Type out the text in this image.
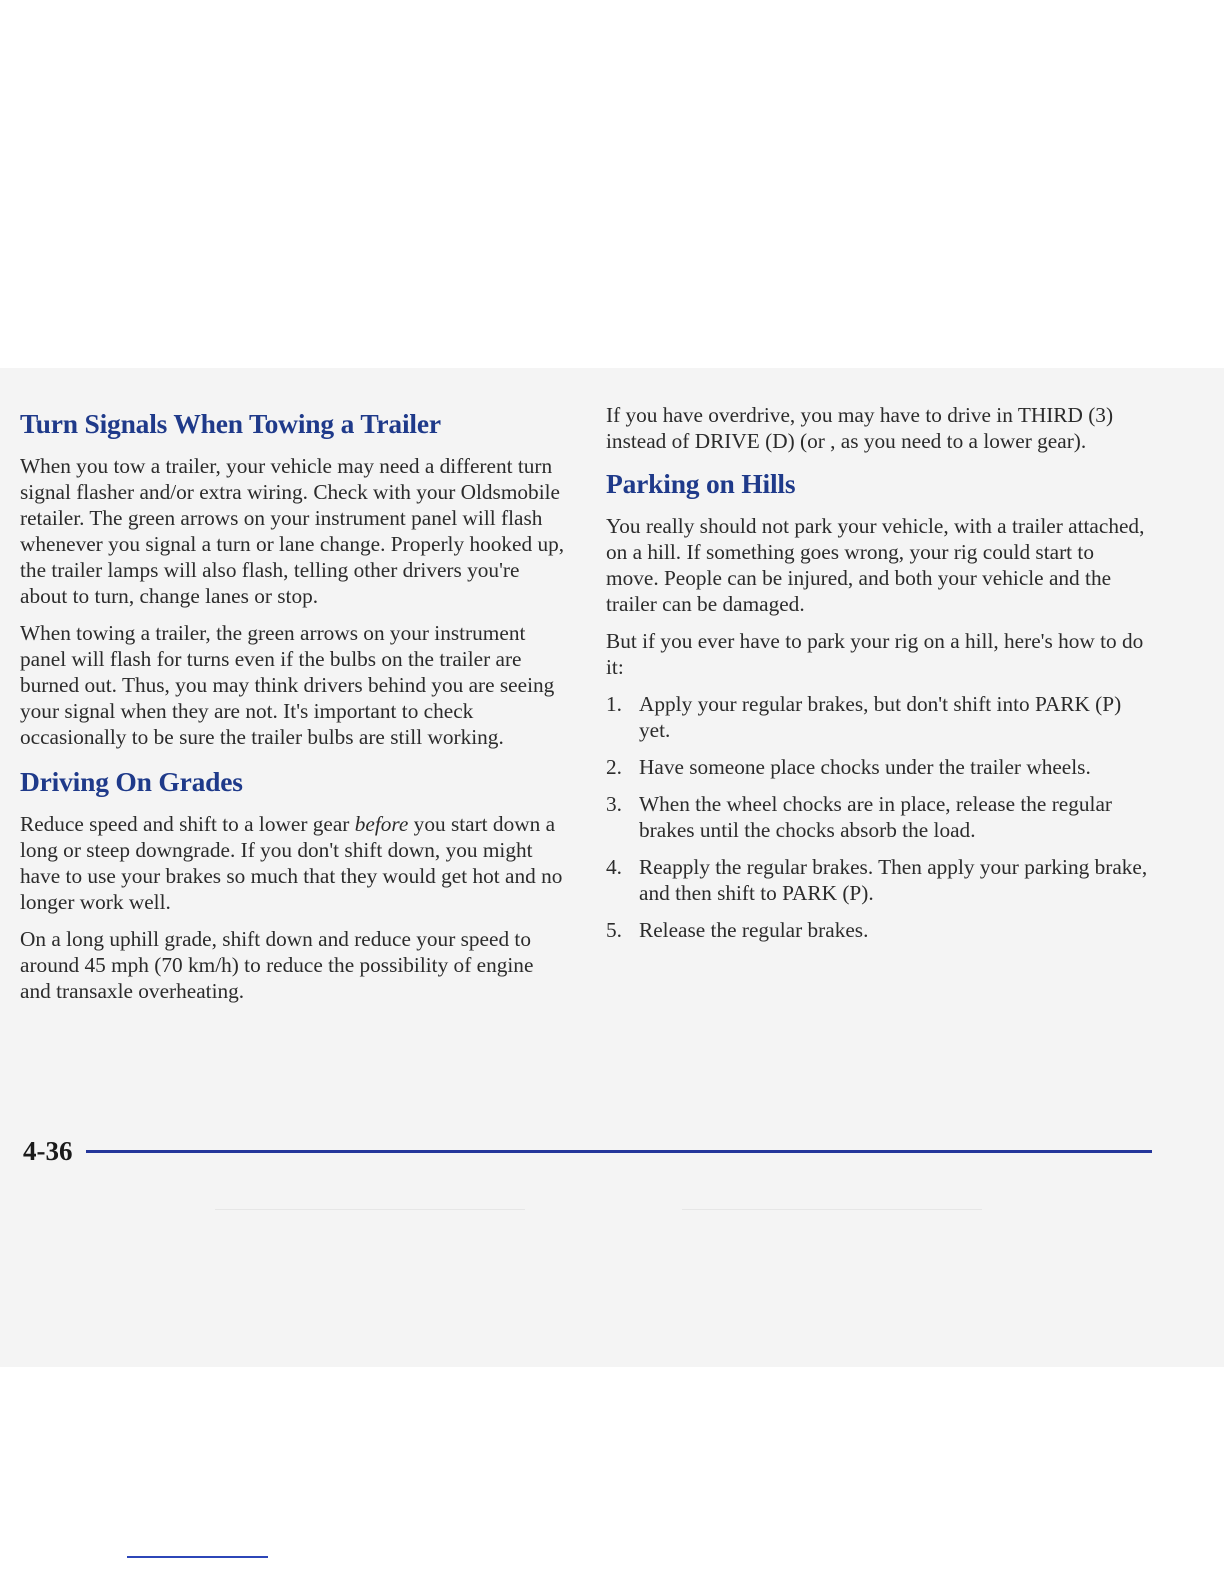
Turn Signals When Towing a Trailer

When you tow a trailer, your vehicle may need a different turn signal flasher and/or extra wiring. Check with your Oldsmobile retailer. The green arrows on your instrument panel will flash whenever you signal a turn or lane change. Properly hooked up, the trailer lamps will also flash, telling other drivers you're about to turn, change lanes or stop.

When towing a trailer, the green arrows on your instrument panel will flash for turns even if the bulbs on the trailer are burned out. Thus, you may think drivers behind you are seeing your signal when they are not. It's important to check occasionally to be sure the trailer bulbs are still working.

Driving On Grades

Reduce speed and shift to a lower gear before you start down a long or steep downgrade. If you don't shift down, you might have to use your brakes so much that they would get hot and no longer work well.

On a long uphill grade, shift down and reduce your speed to around 45 mph (70 km/h) to reduce the possibility of engine and transaxle overheating.

If you have overdrive, you may have to drive in THIRD (3) instead of DRIVE (D) (or , as you need to a lower gear).

Parking on Hills

You really should not park your vehicle, with a trailer attached, on a hill. If something goes wrong, your rig could start to move. People can be injured, and both your vehicle and the trailer can be damaged.

But if you ever have to park your rig on a hill, here's how to do it:

1. Apply your regular brakes, but don't shift into PARK (P) yet.
2. Have someone place chocks under the trailer wheels.
3. When the wheel chocks are in place, release the regular brakes until the chocks absorb the load.
4. Reapply the regular brakes. Then apply your parking brake, and then shift to PARK (P).
5. Release the regular brakes.
4-36
